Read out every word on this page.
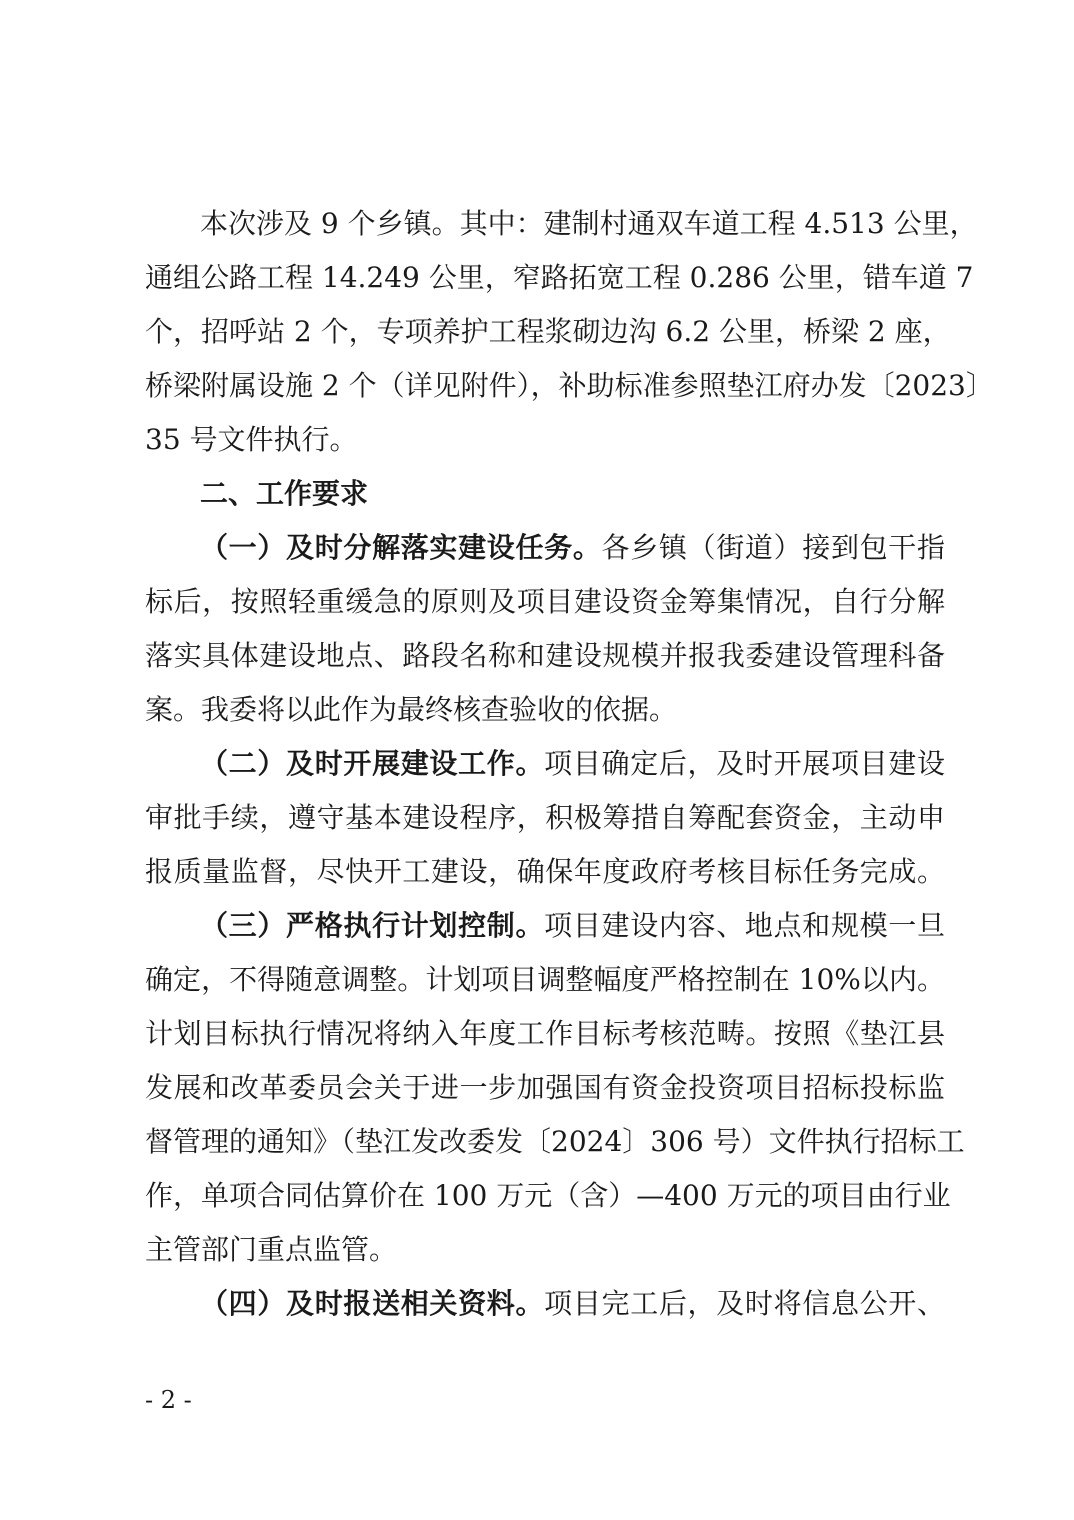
本次涉及 9 个乡镇。其中：建制村通双车道工程 4.513 公里，
通组公路工程 14.249 公里，窄路拓宽工程 0.286 公里，错车道 7
个，招呼站 2 个，专项养护工程浆砌边沟 6.2 公里，桥梁 2 座，
桥梁附属设施 2 个（详见附件），补助标准参照垫江府办发〔2023〕
35 号文件执行。
二、工作要求
（一）及时分解落实建设任务。各乡镇（街道）接到包干指
标后，按照轻重缓急的原则及项目建设资金筹集情况，自行分解
落实具体建设地点、路段名称和建设规模并报我委建设管理科备
案。我委将以此作为最终核查验收的依据。
（二）及时开展建设工作。项目确定后，及时开展项目建设
审批手续，遵守基本建设程序，积极筹措自筹配套资金，主动申
报质量监督，尽快开工建设，确保年度政府考核目标任务完成。
（三）严格执行计划控制。项目建设内容、地点和规模一旦
确定，不得随意调整。计划项目调整幅度严格控制在 10%以内。
计划目标执行情况将纳入年度工作目标考核范畴。按照《垫江县
发展和改革委员会关于进一步加强国有资金投资项目招标投标监
督管理的通知》（垫江发改委发〔2024〕306 号）文件执行招标工
作，单项合同估算价在 100 万元（含）—400 万元的项目由行业
主管部门重点监管。
（四）及时报送相关资料。项目完工后，及时将信息公开、
- 2 -
